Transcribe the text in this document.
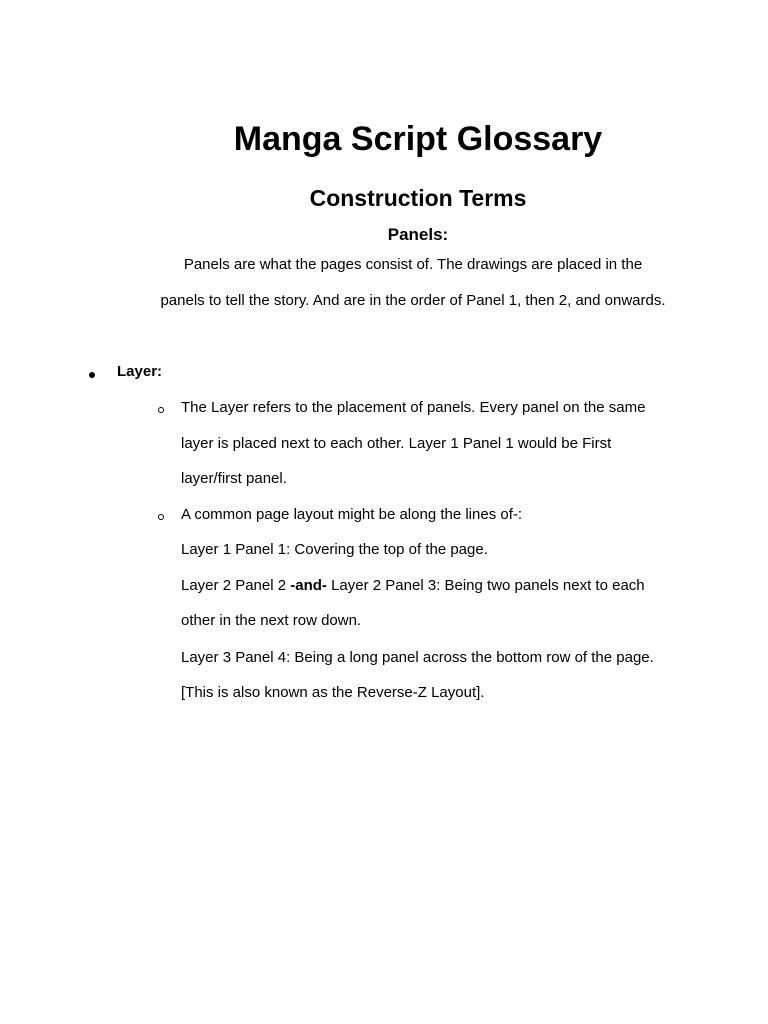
Manga Script Glossary
Construction Terms
Panels:
Panels are what the pages consist of. The drawings are placed in the
panels to tell the story. And are in the order of Panel 1, then 2, and onwards.
Layer:
The Layer refers to the placement of panels. Every panel on the same
layer is placed next to each other. Layer 1 Panel 1 would be First
layer/first panel.
A common page layout might be along the lines of-:
Layer 1 Panel 1: Covering the top of the page.
Layer 2 Panel 2 -and- Layer 2 Panel 3: Being two panels next to each
other in the next row down.
Layer 3 Panel 4: Being a long panel across the bottom row of the page.
[This is also known as the Reverse-Z Layout].
